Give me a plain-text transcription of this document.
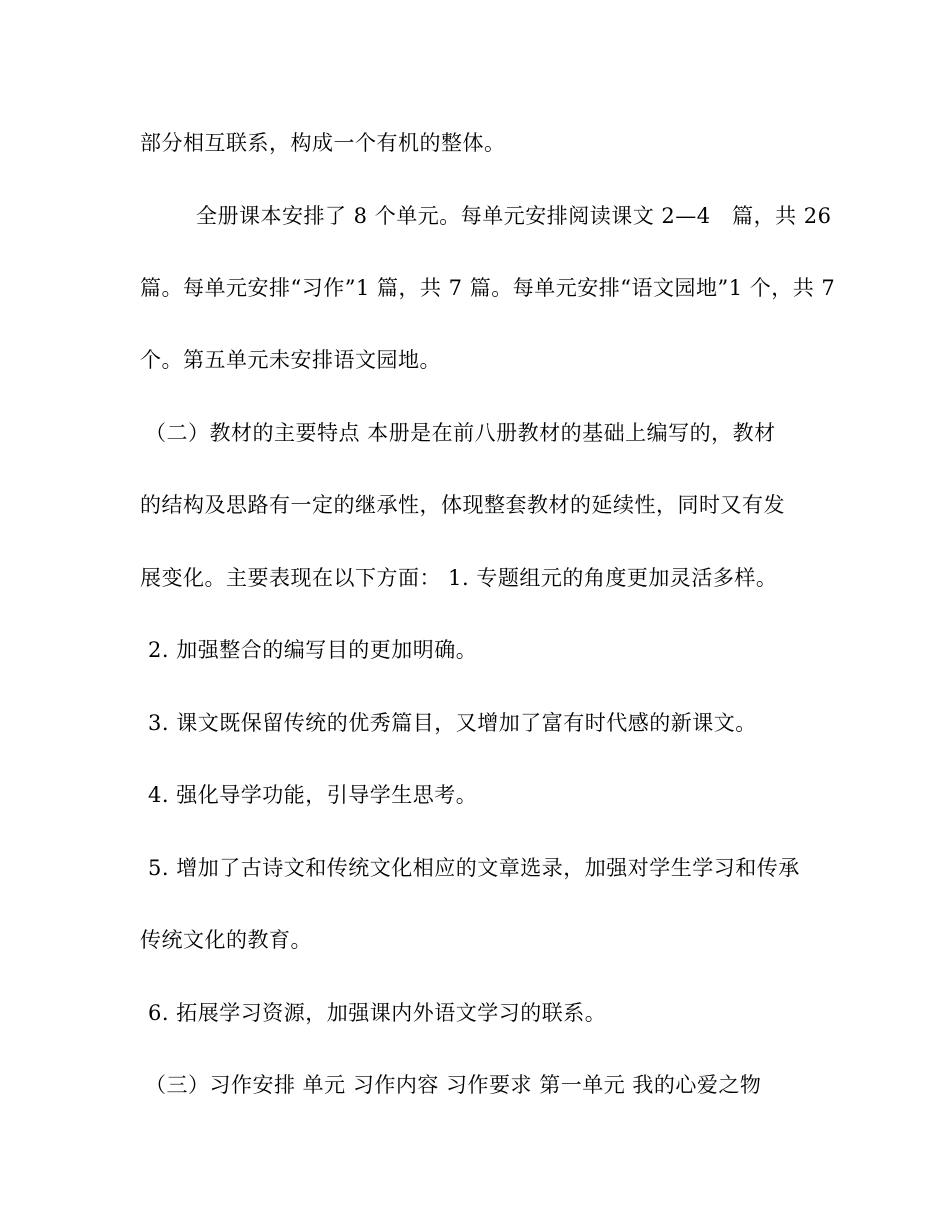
部分相互联系，构成一个有机的整体。
全册课本安排了 8 个单元。每单元安排阅读课文 2—4　篇，共 26
篇。每单元安排“习作”1 篇，共 7 篇。每单元安排“语文园地”1 个，共 7
个。第五单元未安排语文园地。
（二）教材的主要特点 本册是在前八册教材的基础上编写的，教材
的结构及思路有一定的继承性，体现整套教材的延续性，同时又有发
展变化。主要表现在以下方面： 1. 专题组元的角度更加灵活多样。
2. 加强整合的编写目的更加明确。
3. 课文既保留传统的优秀篇目，又增加了富有时代感的新课文。
4. 强化导学功能，引导学生思考。
5. 增加了古诗文和传统文化相应的文章选录，加强对学生学习和传承
传统文化的教育。
6. 拓展学习资源，加强课内外语文学习的联系。
（三）习作安排 单元 习作内容 习作要求 第一单元 我的心爱之物
